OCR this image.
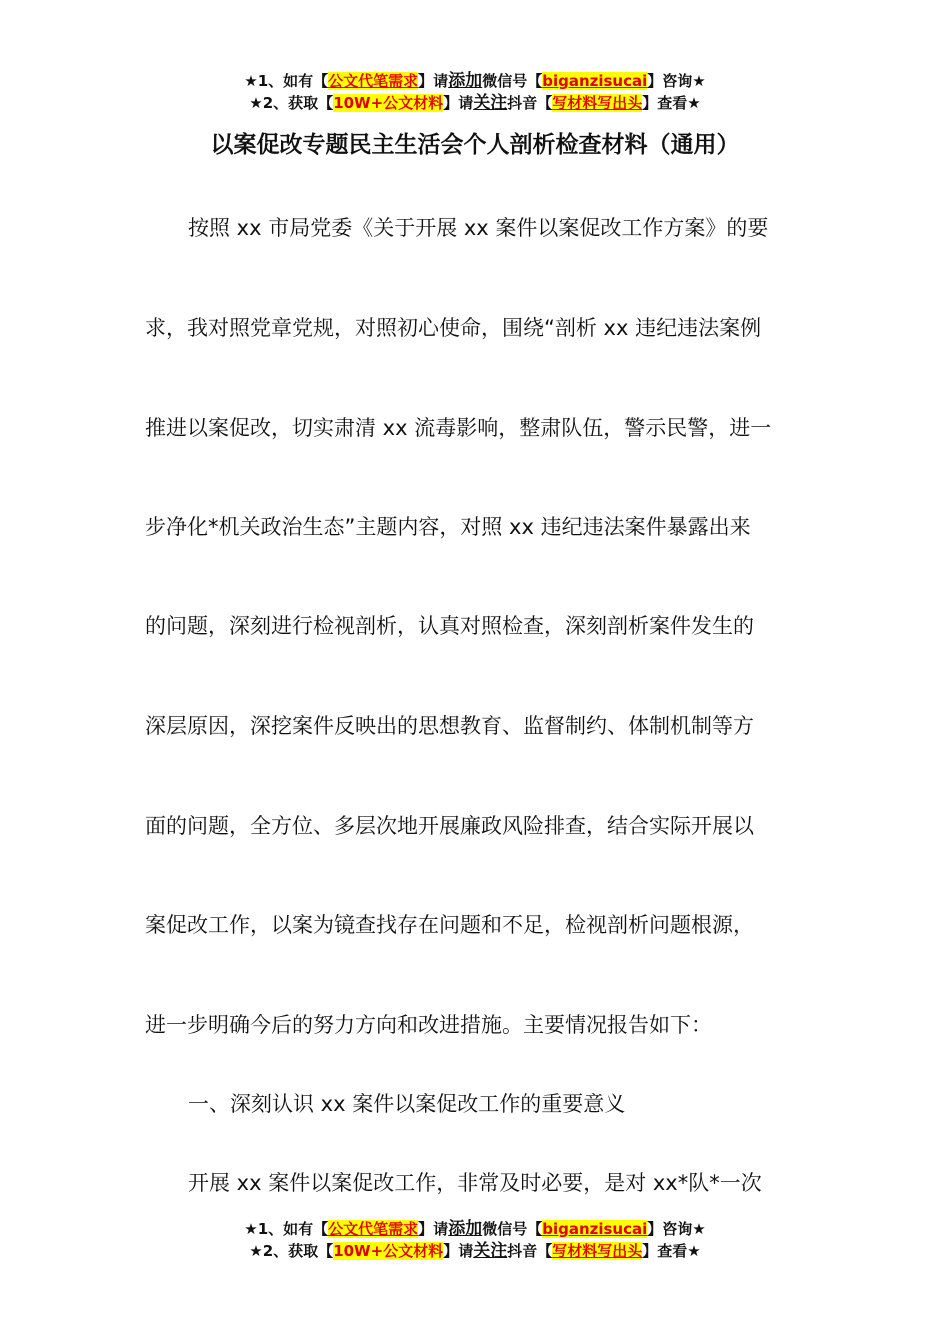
★1、如有【公文代笔需求】请添加微信号【biganzisucai】咨询★
★2、获取【10W+公文材料】请关注抖音【写材料写出头】查看★
以案促改专题民主生活会个人剖析检查材料（通用）
按照 xx 市局党委《关于开展 xx 案件以案促改工作方案》的要
求，我对照党章党规，对照初心使命，围绕“剖析 xx 违纪违法案例
推进以案促改，切实肃清 xx 流毒影响，整肃队伍，警示民警，进一
步净化*机关政治生态”主题内容，对照 xx 违纪违法案件暴露出来
的问题，深刻进行检视剖析，认真对照检查，深刻剖析案件发生的
深层原因，深挖案件反映出的思想教育、监督制约、体制机制等方
面的问题，全方位、多层次地开展廉政风险排查，结合实际开展以
案促改工作，以案为镜查找存在问题和不足，检视剖析问题根源，
进一步明确今后的努力方向和改进措施。主要情况报告如下：
一、深刻认识 xx 案件以案促改工作的重要意义
开展 xx 案件以案促改工作，非常及时必要，是对 xx*队*一次
★1、如有【公文代笔需求】请添加微信号【biganzisucai】咨询★
★2、获取【10W+公文材料】请关注抖音【写材料写出头】查看★
